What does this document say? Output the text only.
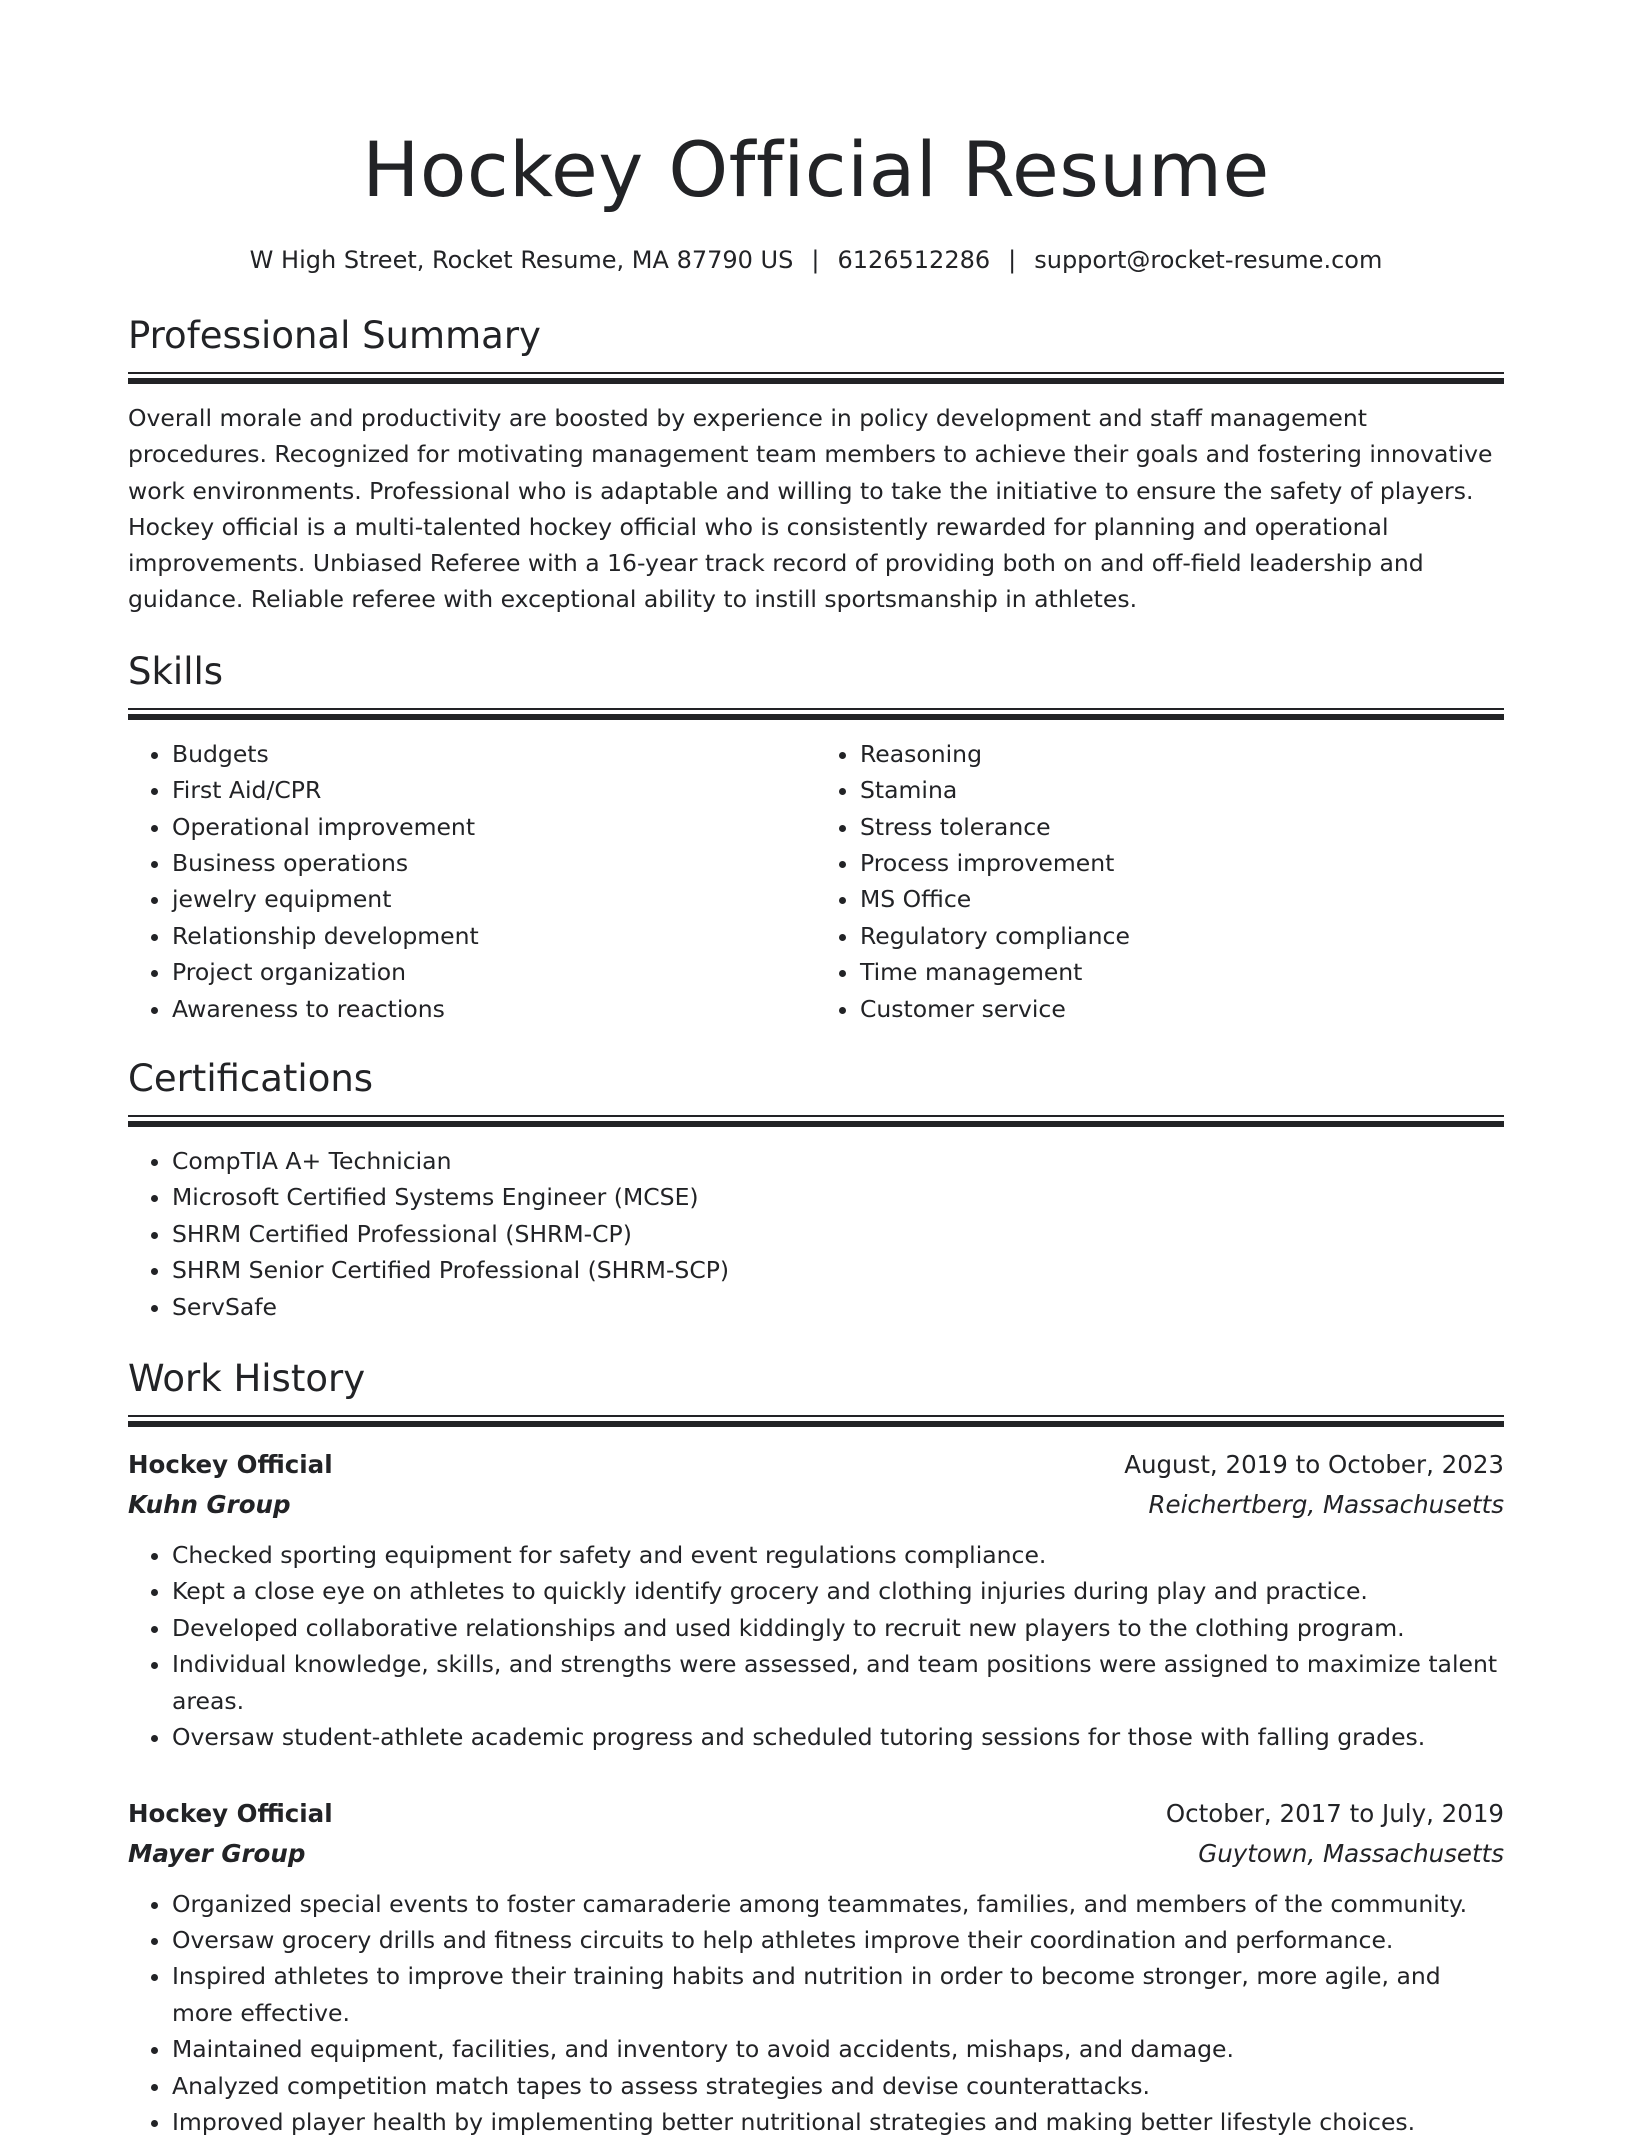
Hockey Official Resume
W High Street, Rocket Resume, MA 87790 US | 6126512286 | support@rocket-resume.com
Professional Summary

Overall morale and productivity are boosted by experience in policy development and staff management procedures. Recognized for motivating management team members to achieve their goals and fostering innovative work environments. Professional who is adaptable and willing to take the initiative to ensure the safety of players. Hockey official is a multi-talented hockey official who is consistently rewarded for planning and operational improvements. Unbiased Referee with a 16-year track record of providing both on and off-field leadership and guidance. Reliable referee with exceptional ability to instill sportsmanship in athletes.

Skills
• Budgets
• First Aid/CPR
• Operational improvement
• Business operations
• jewelry equipment
• Relationship development
• Project organization
• Awareness to reactions
• Reasoning
• Stamina
• Stress tolerance
• Process improvement
• MS Office
• Regulatory compliance
• Time management
• Customer service
Certifications
• CompTIA A+ Technician
• Microsoft Certified Systems Engineer (MCSE)
• SHRM Certified Professional (SHRM-CP)
• SHRM Senior Certified Professional (SHRM-SCP)
• ServSafe
Work History
Hockey Official	August, 2019 to October, 2023
Kuhn Group	Reichertberg, Massachusetts
• Checked sporting equipment for safety and event regulations compliance.
• Kept a close eye on athletes to quickly identify grocery and clothing injuries during play and practice.
• Developed collaborative relationships and used kiddingly to recruit new players to the clothing program.
• Individual knowledge, skills, and strengths were assessed, and team positions were assigned to maximize talent areas.
• Oversaw student-athlete academic progress and scheduled tutoring sessions for those with falling grades.
Hockey Official	October, 2017 to July, 2019
Mayer Group	Guytown, Massachusetts
• Organized special events to foster camaraderie among teammates, families, and members of the community.
• Oversaw grocery drills and fitness circuits to help athletes improve their coordination and performance.
• Inspired athletes to improve their training habits and nutrition in order to become stronger, more agile, and more effective.
• Maintained equipment, facilities, and inventory to avoid accidents, mishaps, and damage.
• Analyzed competition match tapes to assess strategies and devise counterattacks.
• Improved player health by implementing better nutritional strategies and making better lifestyle choices.
